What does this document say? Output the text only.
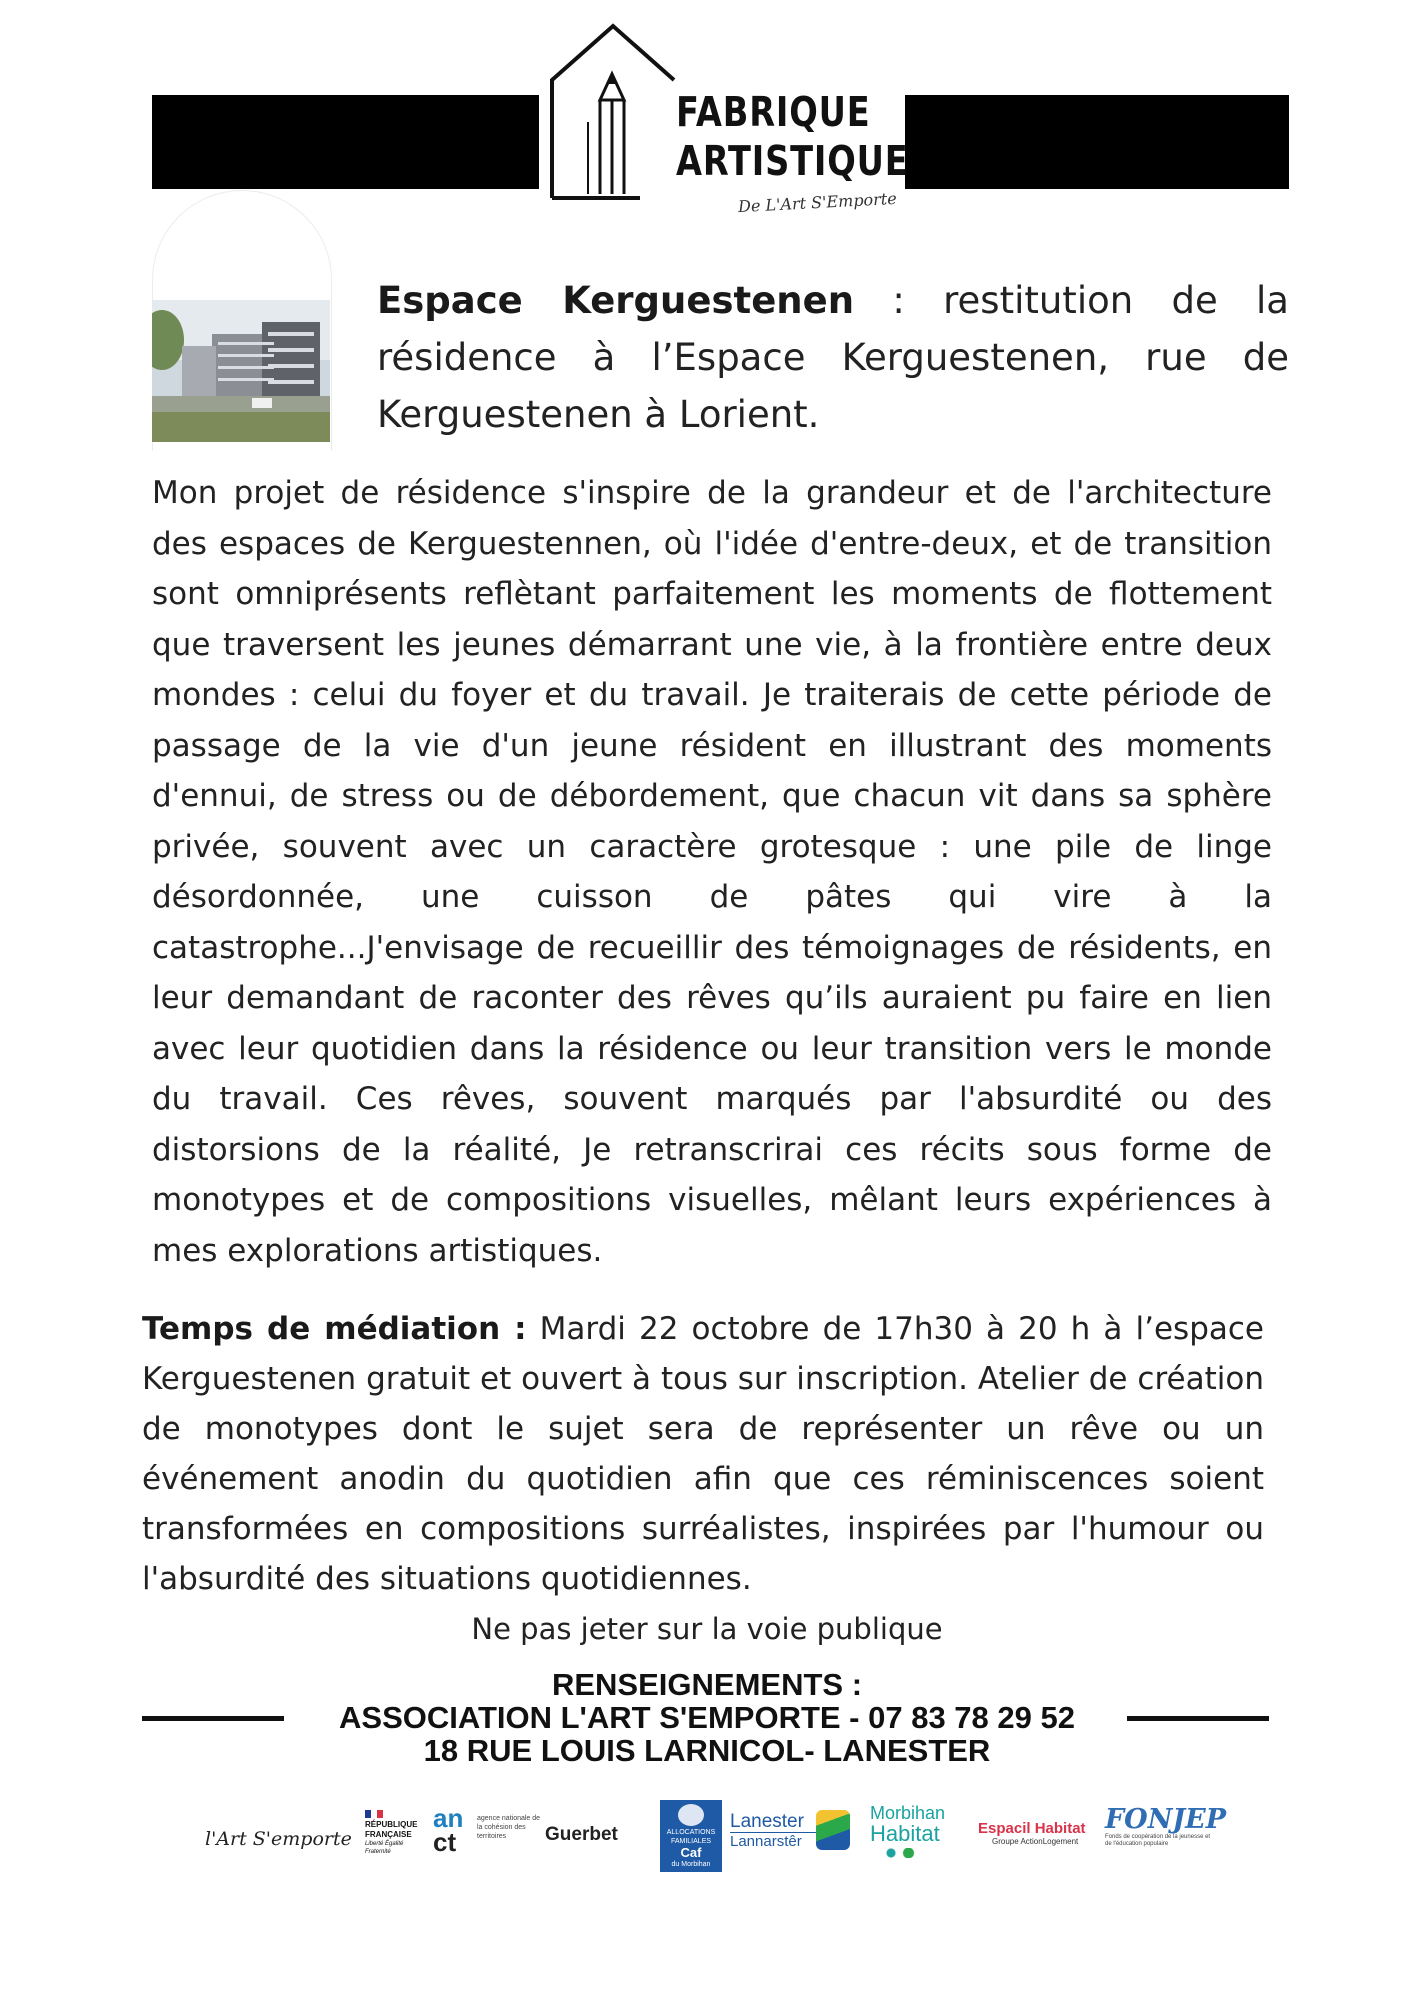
FABRIQUE
ARTISTIQUE
De L'Art S'Emporte
Espace Kerguestenen : restitution de la résidence à l’Espace Kerguestenen, rue de Kerguestenen à Lorient.
Mon projet de résidence s'inspire de la grandeur et de l'architecture des espaces de Kerguestennen, où l'idée d'entre-deux, et de transition sont omniprésents reflètant parfaitement les moments de flottement que traversent les jeunes démarrant une vie, à la frontière entre deux mondes : celui du foyer et du travail. Je traiterais de cette période de passage de la vie d'un jeune résident en illustrant des moments d'ennui, de stress ou de débordement, que chacun vit dans sa sphère privée, souvent avec un caractère grotesque : une pile de linge désordonnée, une cuisson de pâtes qui vire à la catastrophe...J'envisage de recueillir des témoignages de résidents, en leur demandant de raconter des rêves qu’ils auraient pu faire en lien avec leur quotidien dans la résidence ou leur transition vers le monde du travail. Ces rêves, souvent marqués par l'absurdité ou des distorsions de la réalité, Je retranscrirai ces récits sous forme de monotypes et de compositions visuelles, mêlant leurs expériences à mes explorations artistiques.
Temps de médiation : Mardi 22 octobre de 17h30 à 20 h à l’espace Kerguestenen gratuit et ouvert à tous sur inscription. Atelier de création de monotypes dont le sujet sera de représenter un rêve ou un événement anodin du quotidien afin que ces réminiscences soient transformées en compositions surréalistes, inspirées par l'humour ou l'absurdité des situations quotidiennes.
Ne pas jeter sur la voie publique
RENSEIGNEMENTS :
ASSOCIATION L'ART S'EMPORTE - 07 83 78 29 52
18 RUE LOUIS LARNICOL- LANESTER
l'Art S'emporte
RÉPUBLIQUE
FRANÇAISE
Liberté Égalité Fraternité
an
ct
agence nationale de la cohésion des territoires	Guerbet	ALLOCATIONS FAMILIALES
Caf
du Morbihan
Lanester
Lannarstêr
Morbihan
Habitat	Espacil Habitat
Groupe ActionLogement
FONJEP
Fonds de coopération de la jeunesse et de l'éducation populaire
